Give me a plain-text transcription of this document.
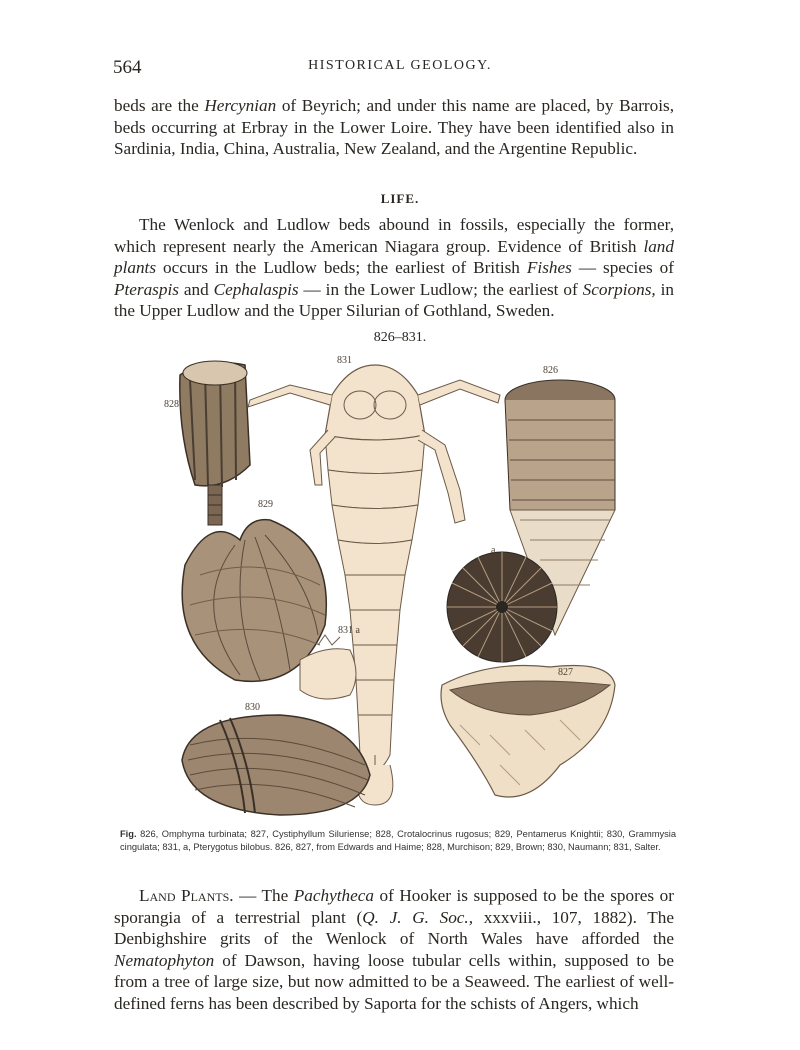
564	HISTORICAL GEOLOGY.

beds are the Hercynian of Beyrich; and under this name are placed, by Barrois, beds occurring at Erbray in the Lower Loire. They have been identified also in Sardinia, India, China, Australia, New Zealand, and the Argentine Republic.

LIFE.

The Wenlock and Ludlow beds abound in fossils, especially the former, which represent nearly the American Niagara group. Evidence of British land plants occurs in the Ludlow beds; the earliest of British Fishes — species of Pteraspis and Cephalaspis — in the Lower Ludlow; the earliest of Scorpions, in the Upper Ludlow and the Upper Silurian of Gothland, Sweden.

826–831.
828
829
831
831 a
830
826
a
827
Fig. 826, Omphyma turbinata; 827, Cystiphyllum Siluriense; 828, Crotalocrinus rugosus; 829, Pentamerus Knightii; 830, Grammysia cingulata; 831, a, Pterygotus bilobus. 826, 827, from Edwards and Haime; 828, Murchison; 829, Brown; 830, Naumann; 831, Salter.

Land Plants. — The Pachytheca of Hooker is supposed to be the spores or sporangia of a terrestrial plant (Q. J. G. Soc., xxxviii., 107, 1882). The Denbighshire grits of the Wenlock of North Wales have afforded the Nematophyton of Dawson, having loose tubular cells within, supposed to be from a tree of large size, but now admitted to be a Seaweed. The earliest of well-defined ferns has been described by Saporta for the schists of Angers, which
